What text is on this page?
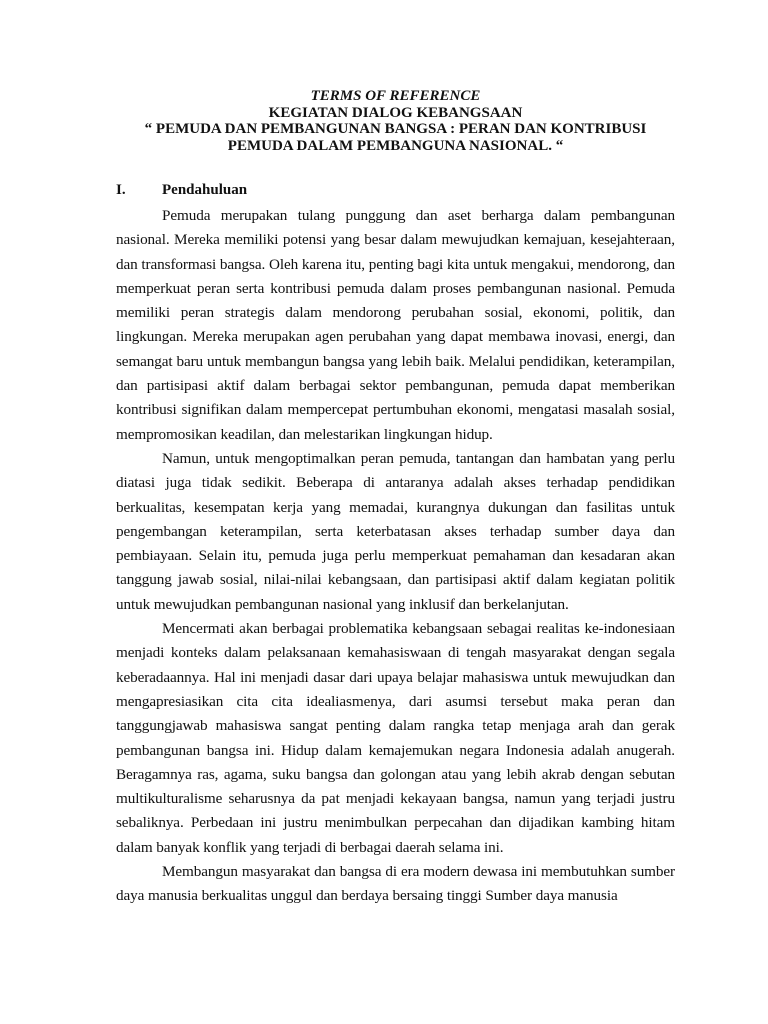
TERMS OF REFERENCE
KEGIATAN DIALOG KEBANGSAAN
“ PEMUDA DAN PEMBANGUNAN BANGSA : PERAN DAN KONTRIBUSI
PEMUDA DALAM PEMBANGUNA NASIONAL. “
I.	Pendahuluan

Pemuda merupakan tulang punggung dan aset berharga dalam pembangunan nasional. Mereka memiliki potensi yang besar dalam mewujudkan kemajuan, kesejahteraan, dan transformasi bangsa. Oleh karena itu, penting bagi kita untuk mengakui, mendorong, dan memperkuat peran serta kontribusi pemuda dalam proses pembangunan nasional. Pemuda memiliki peran strategis dalam mendorong perubahan sosial, ekonomi, politik, dan lingkungan. Mereka merupakan agen perubahan yang dapat membawa inovasi, energi, dan semangat baru untuk membangun bangsa yang lebih baik. Melalui pendidikan, keterampilan, dan partisipasi aktif dalam berbagai sektor pembangunan, pemuda dapat memberikan kontribusi signifikan dalam mempercepat pertumbuhan ekonomi, mengatasi masalah sosial, mempromosikan keadilan, dan melestarikan lingkungan hidup.

Namun, untuk mengoptimalkan peran pemuda, tantangan dan hambatan yang perlu diatasi juga tidak sedikit. Beberapa di antaranya adalah akses terhadap pendidikan berkualitas, kesempatan kerja yang memadai, kurangnya dukungan dan fasilitas untuk pengembangan keterampilan, serta keterbatasan akses terhadap sumber daya dan pembiayaan. Selain itu, pemuda juga perlu memperkuat pemahaman dan kesadaran akan tanggung jawab sosial, nilai-nilai kebangsaan, dan partisipasi aktif dalam kegiatan politik untuk mewujudkan pembangunan nasional yang inklusif dan berkelanjutan.

Mencermati akan berbagai problematika kebangsaan sebagai realitas ke-indonesiaan menjadi konteks dalam pelaksanaan kemahasiswaan di tengah masyarakat dengan segala keberadaannya. Hal ini menjadi dasar dari upaya belajar mahasiswa untuk mewujudkan dan mengapresiasikan cita cita idealiasmenya, dari asumsi tersebut maka peran dan tanggungjawab mahasiswa sangat penting dalam rangka tetap menjaga arah dan gerak pembangunan bangsa ini. Hidup dalam kemajemukan negara Indonesia adalah anugerah. Beragamnya ras, agama, suku bangsa dan golongan atau yang lebih akrab dengan sebutan multikulturalisme seharusnya da pat menjadi kekayaan bangsa, namun yang terjadi justru sebaliknya. Perbedaan ini justru menimbulkan perpecahan dan dijadikan kambing hitam dalam banyak konflik yang terjadi di berbagai daerah selama ini.

Membangun masyarakat dan bangsa di era modern dewasa ini membutuhkan sumber daya manusia berkualitas unggul dan berdaya bersaing tinggi Sumber daya manusia
